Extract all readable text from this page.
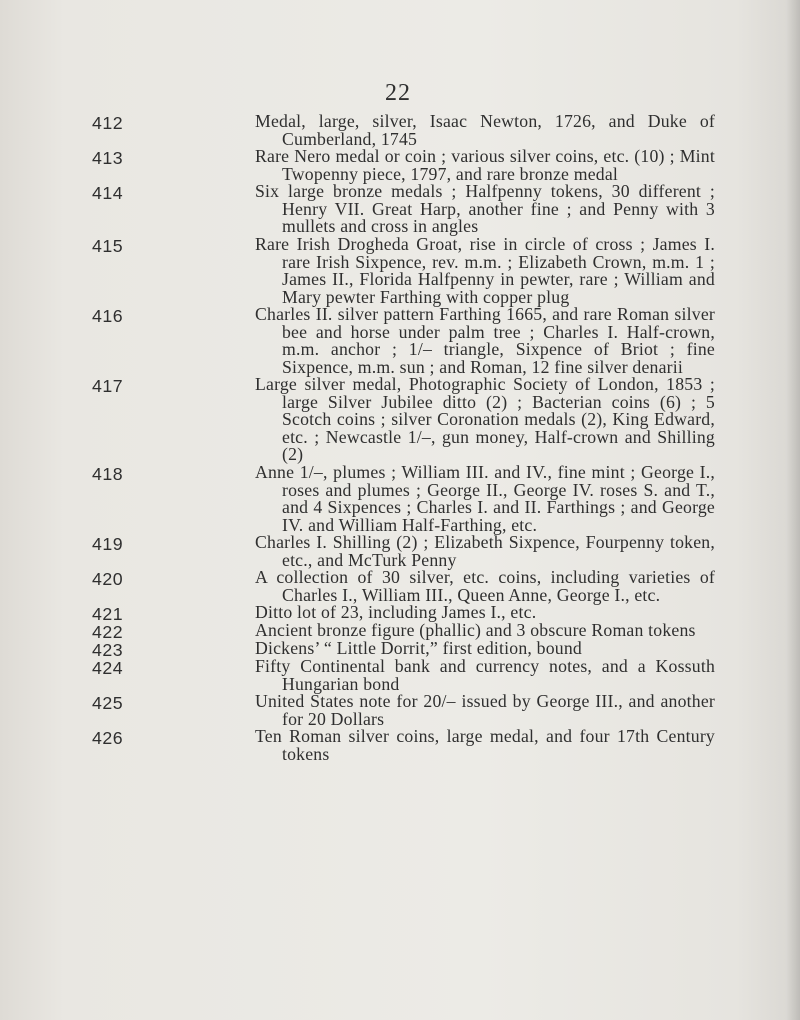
22
412	Medal, large, silver, Isaac Newton, 1726, and Duke of Cumberland, 1745
413	Rare Nero medal or coin ; various silver coins, etc. (10) ; Mint Twopenny piece, 1797, and rare bronze medal
414	Six large bronze medals ; Halfpenny tokens, 30 different ; Henry VII. Great Harp, another fine ; and Penny with 3 mullets and cross in angles
415	Rare Irish Drogheda Groat, rise in circle of cross ; James I. rare Irish Sixpence, rev. m.m. ; Elizabeth Crown, m.m. 1 ; James II., Florida Halfpenny in pewter, rare ; William and Mary pewter Farthing with copper plug
416	Charles II. silver pattern Farthing 1665, and rare Roman silver bee and horse under palm tree ; Charles I. Half-crown, m.m. anchor ; 1/– triangle, Sixpence of Briot ; fine Sixpence, m.m. sun ; and Roman, 12 fine silver denarii
417	Large silver medal, Photographic Society of London, 1853 ; large Silver Jubilee ditto (2) ; Bacterian coins (6) ; 5 Scotch coins ; silver Coronation medals (2), King Edward, etc. ; Newcastle 1/–, gun money, Half-crown and Shilling (2)
418	Anne 1/–, plumes ; William III. and IV., fine mint ; George I., roses and plumes ; George II., George IV. roses S. and T., and 4 Sixpences ; Charles I. and II. Farthings ; and George IV. and William Half-Farthing, etc.
419	Charles I. Shilling (2) ; Elizabeth Sixpence, Fourpenny token, etc., and McTurk Penny
420	A collection of 30 silver, etc. coins, including varieties of Charles I., William III., Queen Anne, George I., etc.
421	Ditto lot of 23, including James I., etc.
422	Ancient bronze figure (phallic) and 3 obscure Roman tokens
423	Dickens’ “ Little Dorrit,” first edition, bound
424	Fifty Continental bank and currency notes, and a Kossuth Hungarian bond
425	United States note for 20/– issued by George III., and another for 20 Dollars
426	Ten Roman silver coins, large medal, and four 17th Century tokens
